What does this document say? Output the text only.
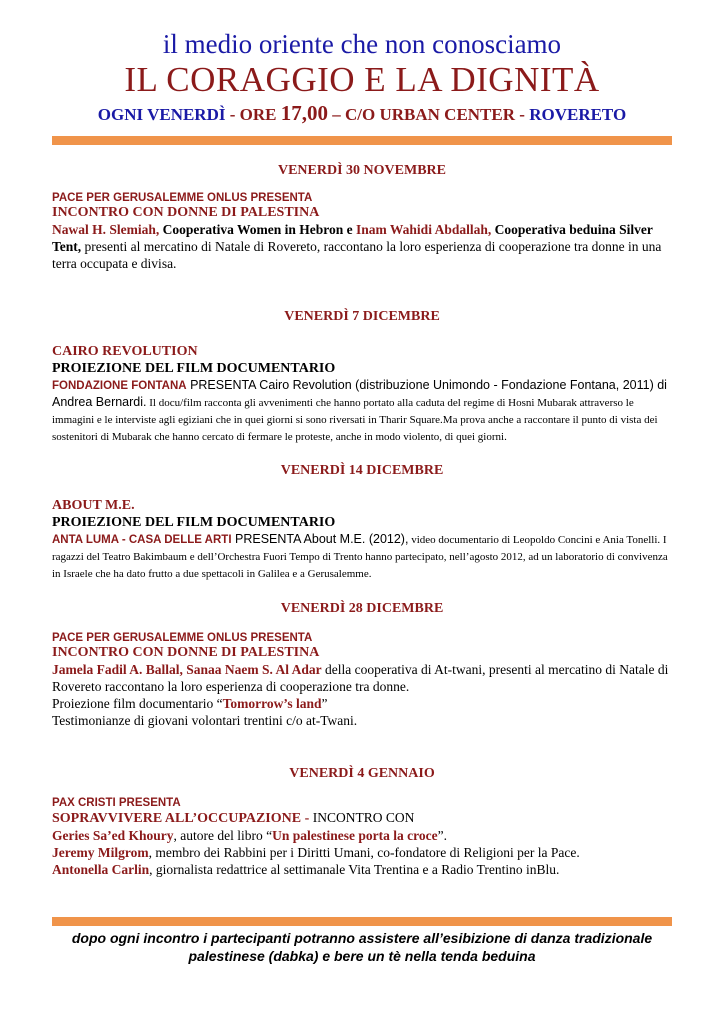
il medio oriente che non conosciamo
IL CORAGGIO E LA DIGNITÀ
OGNI VENERDÌ - ORE 17,00 – C/O URBAN CENTER - ROVERETO
VENERDÌ 30 NOVEMBRE
PACE PER GERUSALEMME ONLUS PRESENTA
INCONTRO CON DONNE DI PALESTINA
Nawal H. Slemiah, Cooperativa Women in Hebron e Inam Wahidi Abdallah, Cooperativa beduina Silver Tent, presenti al mercatino di Natale di Rovereto, raccontano la loro esperienza di cooperazione tra donne in una terra occupata e divisa.
VENERDÌ 7 DICEMBRE
CAIRO REVOLUTION
PROIEZIONE DEL FILM DOCUMENTARIO
FONDAZIONE FONTANA PRESENTA Cairo Revolution (distribuzione Unimondo - Fondazione Fontana, 2011) di Andrea Bernardi. Il docu/film racconta gli avvenimenti che hanno portato alla caduta del regime di Hosni Mubarak attraverso le immagini e le interviste agli egiziani che in quei giorni si sono riversati in Tharir Square.Ma prova anche a raccontare il punto di vista dei sostenitori di Mubarak che hanno cercato di fermare le proteste, anche in modo violento, di quei giorni.
VENERDÌ 14 DICEMBRE
ABOUT M.E.
PROIEZIONE DEL FILM DOCUMENTARIO
ANTA LUMA - CASA DELLE ARTI PRESENTA About M.E. (2012), video documentario di Leopoldo Concini e Ania Tonelli. I ragazzi del Teatro Bakimbaum e dell’Orchestra Fuori Tempo di Trento hanno partecipato, nell’agosto 2012, ad un laboratorio di convivenza in Israele che ha dato frutto a due spettacoli in Galilea e a Gerusalemme.
VENERDÌ 28 DICEMBRE
PACE PER GERUSALEMME ONLUS PRESENTA
INCONTRO CON DONNE DI PALESTINA
Jamela Fadil A. Ballal, Sanaa Naem S. Al Adar della cooperativa di At-twani, presenti al mercatino di Natale di Rovereto raccontano la loro esperienza di cooperazione tra donne.
Proiezione film documentario “Tomorrow’s land”
Testimonianze di giovani volontari trentini c/o at-Twani.
VENERDÌ 4 GENNAIO
PAX CRISTI PRESENTA
SOPRAVVIVERE ALL’OCCUPAZIONE - INCONTRO CON
Geries Sa’ed Khoury, autore del libro “Un palestinese porta la croce”.
Jeremy Milgrom, membro dei Rabbini per i Diritti Umani, co-fondatore di Religioni per la Pace.
Antonella Carlin, giornalista redattrice al settimanale Vita Trentina e a Radio Trentino inBlu.
dopo ogni incontro i partecipanti potranno assistere all’esibizione di danza tradizionale palestinese (dabka) e bere un tè nella tenda beduina
